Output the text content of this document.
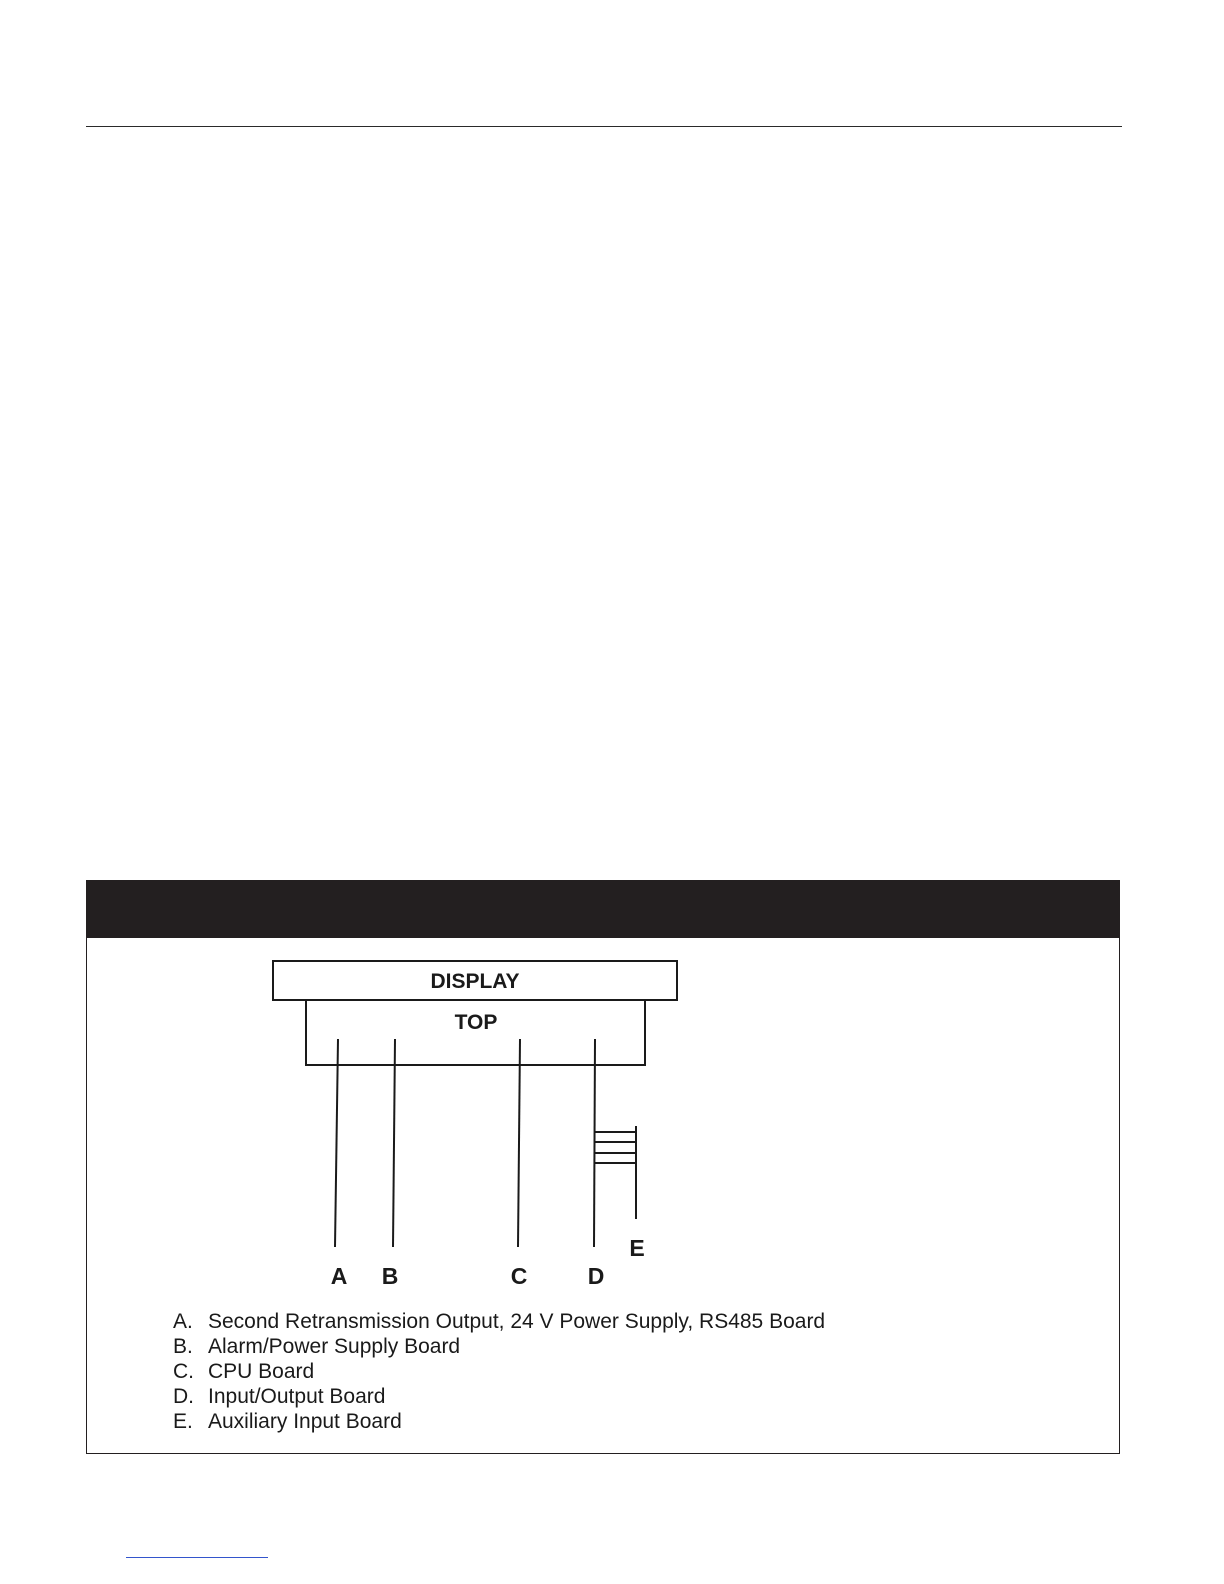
DISPLAY
TOP
A B	C	D
E
A. Second Retransmission Output, 24 V Power Supply, RS485 Board
B. Alarm/Power Supply Board
C. CPU Board
D. Input/Output Board
E. Auxiliary Input Board
